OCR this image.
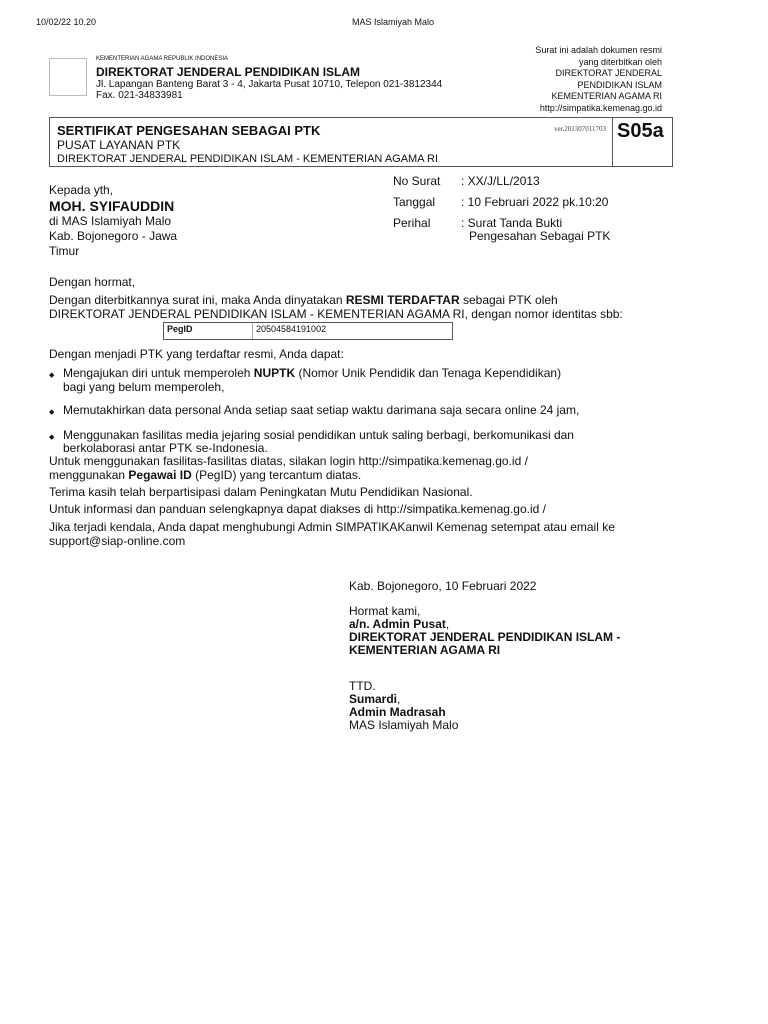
10/02/22 10.20	MAS Islamiyah Malo
KEMENTERIAN AGAMA REPUBLIK INDONESIA
DIREKTORAT JENDERAL PENDIDIKAN ISLAM
Jl. Lapangan Banteng Barat 3 - 4, Jakarta Pusat 10710, Telepon 021-3812344
Fax. 021-34833981
Surat ini adalah dokumen resmi
yang diterbitkan oleh
DIREKTORAT JENDERAL
PENDIDIKAN ISLAM
KEMENTERIAN AGAMA RI
http://simpatika.kemenag.go.id
SERTIFIKAT PENGESAHAN SEBAGAI PTK
PUSAT LAYANAN PTK
DIREKTORAT JENDERAL PENDIDIKAN ISLAM - KEMENTERIAN AGAMA RI
ver.201307011703 S05a
Kepada yth,
MOH. SYIFAUDDIN
di MAS Islamiyah Malo
Kab. Bojonegoro - Jawa
Timur
No Surat	: XX/J/LL/2013
Tanggal	: 10 Februari 2022 pk.10:20
Perihal	: Surat Tanda Bukti
Pengesahan Sebagai PTK
Dengan hormat,
Dengan diterbitkannya surat ini, maka Anda dinyatakan RESMI TERDAFTAR sebagai PTK oleh
DIREKTORAT JENDERAL PENDIDIKAN ISLAM - KEMENTERIAN AGAMA RI, dengan nomor identitas sbb:
PegID	20504584191002
Dengan menjadi PTK yang terdaftar resmi, Anda dapat:
◆ Mengajukan diri untuk memperoleh NUPTK (Nomor Unik Pendidik dan Tenaga Kependidikan)
bagi yang belum memperoleh,
◆ Memutakhirkan data personal Anda setiap saat setiap waktu darimana saja secara online 24 jam,
◆ Menggunakan fasilitas media jejaring sosial pendidikan untuk saling berbagi, berkomunikasi dan
berkolaborasi antar PTK se-Indonesia.
Untuk menggunakan fasilitas-fasilitas diatas, silakan login http://simpatika.kemenag.go.id /
menggunakan Pegawai ID (PegID) yang tercantum diatas.
Terima kasih telah berpartisipasi dalam Peningkatan Mutu Pendidikan Nasional.
Untuk informasi dan panduan selengkapnya dapat diakses di http://simpatika.kemenag.go.id /
Jika terjadi kendala, Anda dapat menghubungi Admin SIMPATIKAKanwil Kemenag setempat atau email ke
support@siap-online.com
Kab. Bojonegoro, 10 Februari 2022
Hormat kami,
a/n. Admin Pusat,
DIREKTORAT JENDERAL PENDIDIKAN ISLAM -
KEMENTERIAN AGAMA RI
TTD.
Sumardi,
Admin Madrasah
MAS Islamiyah Malo
